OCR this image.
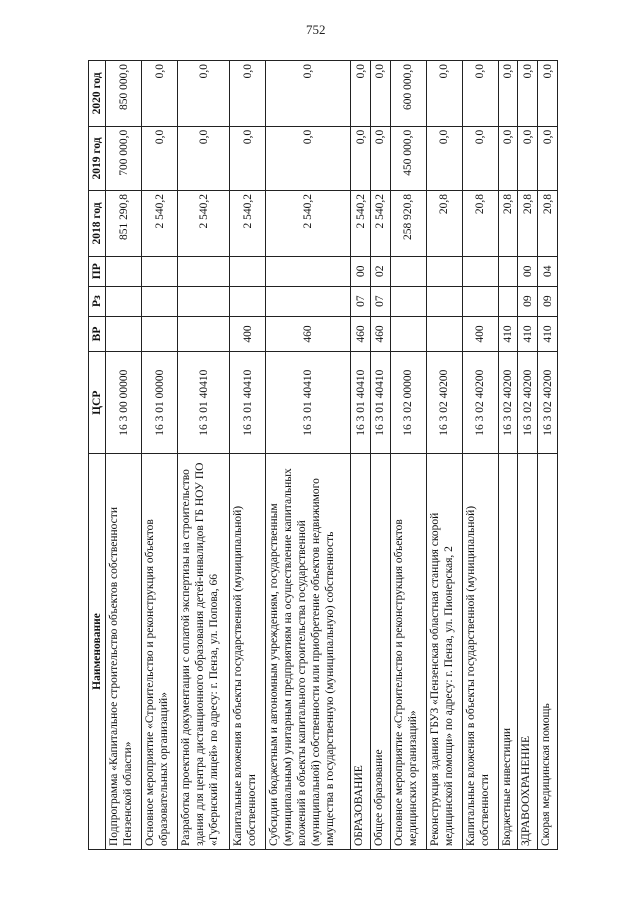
752
Наименование	ЦСР	ВР	Рз	ПР	2018 год	2019 год	2020 год
Подпрограмма «Капитальное строительство объектов собственности Пензенской области»	16 3 00 00000				851 290,8	700 000,0	850 000,0
Основное мероприятие «Строительство и реконструкция объектов образовательных организаций»	16 3 01 00000				2 540,2	0,0	0,0
Разработка проектной документации с оплатой экспертизы на строительство здания для центра дистанционного образования детей-инвалидов ГБ НОУ ПО «Губернский лицей» по адресу: г. Пенза, ул. Попова, 66	16 3 01 40410				2 540,2	0,0	0,0
Капитальные вложения в объекты государственной (муниципальной) собственности	16 3 01 40410	400			2 540,2	0,0	0,0
Субсидии бюджетным и автономным учреждениям, государственным (муниципальным) унитарным предприятиям на осуществление капитальных вложений в объекты капитального строительства государственной (муниципальной) собственности или приобретение объектов недвижимого имущества в государственную (муниципальную) собственность	16 3 01 40410	460			2 540,2	0,0	0,0
ОБРАЗОВАНИЕ	16 3 01 40410	460	07	00	2 540,2	0,0	0,0
Общее образование	16 3 01 40410	460	07	02	2 540,2	0,0	0,0
Основное мероприятие «Строительство и реконструкция объектов медицинских организаций»	16 3 02 00000				258 920,8	450 000,0	600 000,0
Реконструкция здания ГБУЗ «Пензенская областная станция скорой медицинской помощи» по адресу: г. Пенза, ул. Пионерская, 2	16 3 02 40200				20,8	0,0	0,0
Капитальные вложения в объекты государственной (муниципальной) собственности	16 3 02 40200	400			20,8	0,0	0,0
Бюджетные инвестиции	16 3 02 40200	410			20,8	0,0	0,0
ЗДРАВООХРАНЕНИЕ	16 3 02 40200	410	09	00	20,8	0,0	0,0
Скорая медицинская помощь	16 3 02 40200	410	09	04	20,8	0,0	0,0
